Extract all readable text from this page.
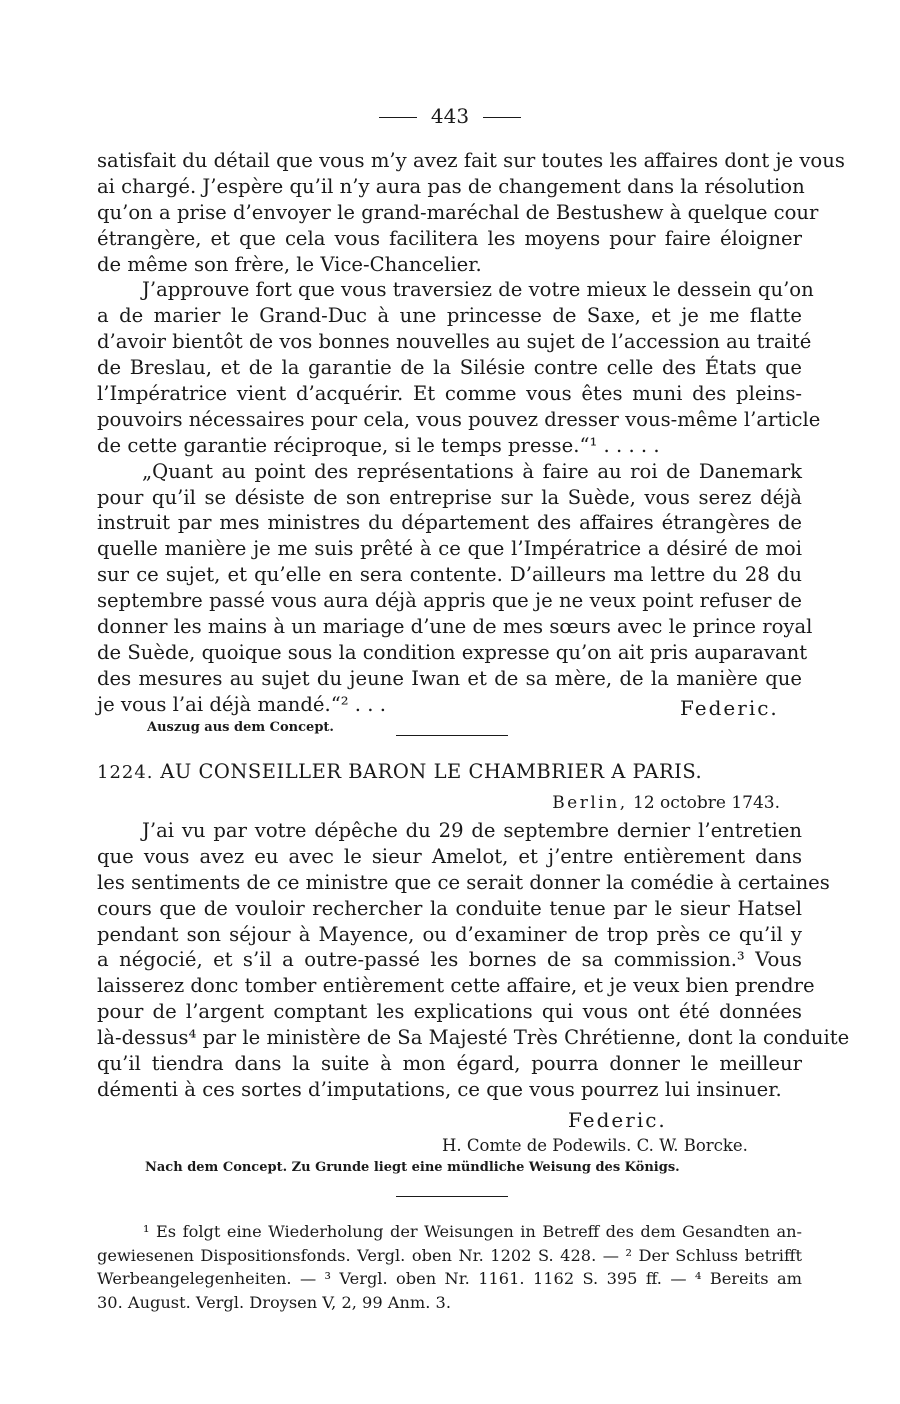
443
satisfait du détail que vous m’y avez fait sur toutes les affaires dont je vous
ai chargé. J’espère qu’il n’y aura pas de changement dans la résolution
qu’on a prise d’envoyer le grand-maréchal de Bestushew à quelque cour
étrangère, et que cela vous facilitera les moyens pour faire éloigner
de même son frère, le Vice-Chancelier.
J’approuve fort que vous traversiez de votre mieux le dessein qu’on
a de marier le Grand-Duc à une princesse de Saxe, et je me flatte
d’avoir bientôt de vos bonnes nouvelles au sujet de l’accession au traité
de Breslau, et de la garantie de la Silésie contre celle des États que
l’Impératrice vient d’acquérir. Et comme vous êtes muni des pleins-
pouvoirs nécessaires pour cela, vous pouvez dresser vous-même l’article
de cette garantie réciproque, si le temps presse.“¹ . . . . .
„Quant au point des représentations à faire au roi de Danemark
pour qu’il se désiste de son entreprise sur la Suède, vous serez déjà
instruit par mes ministres du département des affaires étrangères de
quelle manière je me suis prêté à ce que l’Impératrice a désiré de moi
sur ce sujet, et qu’elle en sera contente. D’ailleurs ma lettre du 28 du
septembre passé vous aura déjà appris que je ne veux point refuser de
donner les mains à un mariage d’une de mes sœurs avec le prince royal
de Suède, quoique sous la condition expresse qu’on ait pris auparavant
des mesures au sujet du jeune Iwan et de sa mère, de la manière que
je vous l’ai déjà mandé.“² . . .	Federic.
Auszug aus dem Concept.
1224. AU CONSEILLER BARON LE CHAMBRIER A PARIS.
Berlin, 12 octobre 1743.
J’ai vu par votre dépêche du 29 de septembre dernier l’entretien
que vous avez eu avec le sieur Amelot, et j’entre entièrement dans
les sentiments de ce ministre que ce serait donner la comédie à certaines
cours que de vouloir rechercher la conduite tenue par le sieur Hatsel
pendant son séjour à Mayence, ou d’examiner de trop près ce qu’il y
a négocié, et s’il a outre-passé les bornes de sa commission.³ Vous
laisserez donc tomber entièrement cette affaire, et je veux bien prendre
pour de l’argent comptant les explications qui vous ont été données
là-dessus⁴ par le ministère de Sa Majesté Très Chrétienne, dont la conduite
qu’il tiendra dans la suite à mon égard, pourra donner le meilleur
démenti à ces sortes d’imputations, ce que vous pourrez lui insinuer.
Federic.
H. Comte de Podewils. C. W. Borcke.
Nach dem Concept. Zu Grunde liegt eine mündliche Weisung des Königs.
¹ Es folgt eine Wiederholung der Weisungen in Betreff des dem Gesandten an-
gewiesenen Dispositionsfonds. Vergl. oben Nr. 1202 S. 428. — ² Der Schluss betrifft
Werbeangelegenheiten. — ³ Vergl. oben Nr. 1161. 1162 S. 395 ff. — ⁴ Bereits am
30. August. Vergl. Droysen V, 2, 99 Anm. 3.
